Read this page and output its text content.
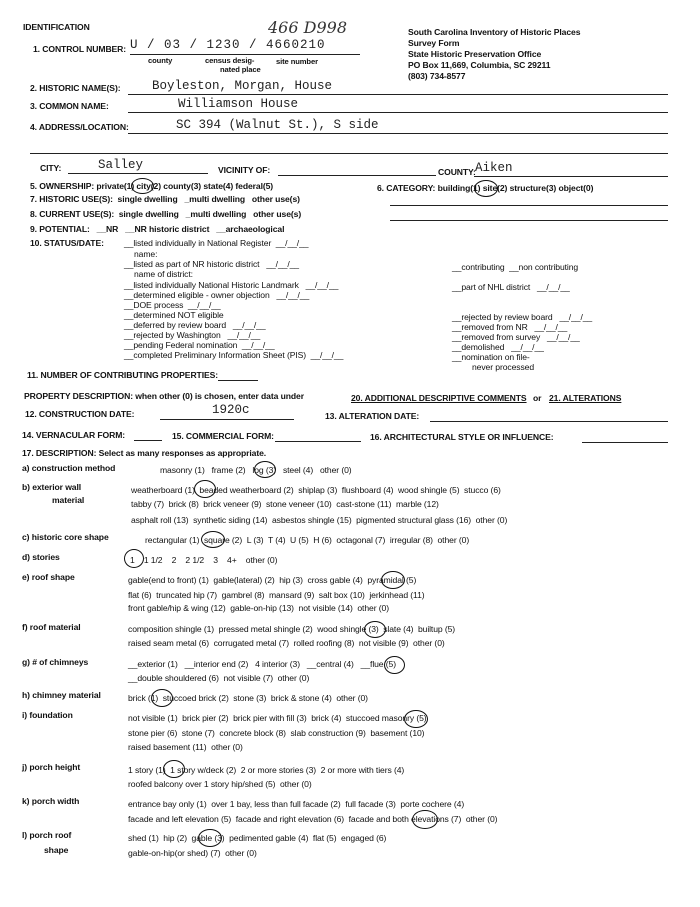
IDENTIFICATION	466 D998	South Carolina Inventory of Historic Places
Survey Form
State Historic Preservation Office
PO Box 11,669, Columbia, SC 29211
(803) 734-8577
1. CONTROL NUMBER: U / 03 / 1230 / 4660210
county	census desig-
nated place
site number
2. HISTORIC NAME(S):	Boyleston, Morgan, House
3. COMMON NAME:	Williamson House
4. ADDRESS/LOCATION:	SC 394 (Walnut St.), S side
CITY:	Salley	VICINITY OF:	COUNTY: Aiken
5. OWNERSHIP: private(1) city(2) county(3) state(4) federal(5)	6. CATEGORY: building(1) site(2) structure(3) object(0)
7. HISTORIC USE(S):  single dwelling   _multi dwelling   other use(s)
8. CURRENT USE(S):  single dwelling   _multi dwelling   other use(s)
9. POTENTIAL:   __NR   __NR historic district   __archaeological
10. STATUS/DATE: __listed individually in National Register  __/__/__
name:
__listed as part of NR historic district   __/__/__	__contributing  __non contributing
name of district:
__listed individually National Historic Landmark   __/__/__	__part of NHL district   __/__/__
__determined eligible - owner objection   __/__/__
__DOE process  __/__/__
__determined NOT eligible	__rejected by review board   __/__/__
__deferred by review board   __/__/__	__removed from NR   __/__/__
__rejected by Washington   __/__/__	__removed from survey   __/__/__
__pending Federal nomination  __/__/__	__demolished   __/__/__
__completed Preliminary Information Sheet (PIS)  __/__/__	__nomination on file-
never processed
11. NUMBER OF CONTRIBUTING PROPERTIES:
PROPERTY DESCRIPTION: when other (0) is chosen, enter data under	20. ADDITIONAL DESCRIPTIVE COMMENTS or 21. ALTERATIONS
12. CONSTRUCTION DATE:	1920c	13. ALTERATION DATE:
14. VERNACULAR FORM:	15. COMMERCIAL FORM:	16. ARCHITECTURAL STYLE OR INFLUENCE:
17. DESCRIPTION: Select as many responses as appropriate.
a) construction method	masonry (1)   frame (2)   log (3)   steel (4)   other (0)
b) exterior wall
material
weatherboard (1)  beaded weatherboard (2)  shiplap (3)  flushboard (4)  wood shingle (5)  stucco (6)
tabby (7)  brick (8)  brick veneer (9)  stone veneer (10)  cast-stone (11)  marble (12)
asphalt roll (13)  synthetic siding (14)  asbestos shingle (15)  pigmented structural glass (16)  other (0)
c) historic core shape	rectangular (1)  square (2)  L (3)  T (4)  U (5)  H (6)  octagonal (7)  irregular (8)  other (0)
d) stories	1    1 1/2    2    2 1/2    3    4+    other (0)
e) roof shape	gable(end to front) (1)  gable(lateral) (2)  hip (3)  cross gable (4)  pyramidal (5)
flat (6)  truncated hip (7)  gambrel (8)  mansard (9)  salt box (10)  jerkinhead (11)
front gable/hip & wing (12)  gable-on-hip (13)  not visible (14)  other (0)
f) roof material	composition shingle (1)  pressed metal shingle (2)  wood shingle (3)  slate (4)  builtup (5)
raised seam metal (6)  corrugated metal (7)  rolled roofing (8)  not visible (9)  other (0)
g) # of chimneys	__exterior (1)   __interior end (2)   4 interior (3)   __central (4)   __flue (5)
__double shouldered (6)  not visible (7)  other (0)
h) chimney material	brick (1)  stuccoed brick (2)  stone (3)  brick & stone (4)  other (0)
i) foundation	not visible (1)  brick pier (2)  brick pier with fill (3)  brick (4)  stuccoed masonry (5)
stone pier (6)  stone (7)  concrete block (8)  slab construction (9)  basement (10)
raised basement (11)  other (0)
j) porch height	1 story (1)  1 story w/deck (2)  2 or more stories (3)  2 or more with tiers (4)
roofed balcony over 1 story hip/shed (5)  other (0)
k) porch width	entrance bay only (1)  over 1 bay, less than full facade (2)  full facade (3)  porte cochere (4)
facade and left elevation (5)  facade and right elevation (6)  facade and both elevations (7)  other (0)
l) porch roof
shape
shed (1)  hip (2)  gable (3)  pedimented gable (4)  flat (5)  engaged (6)
gable-on-hip(or shed) (7)  other (0)
